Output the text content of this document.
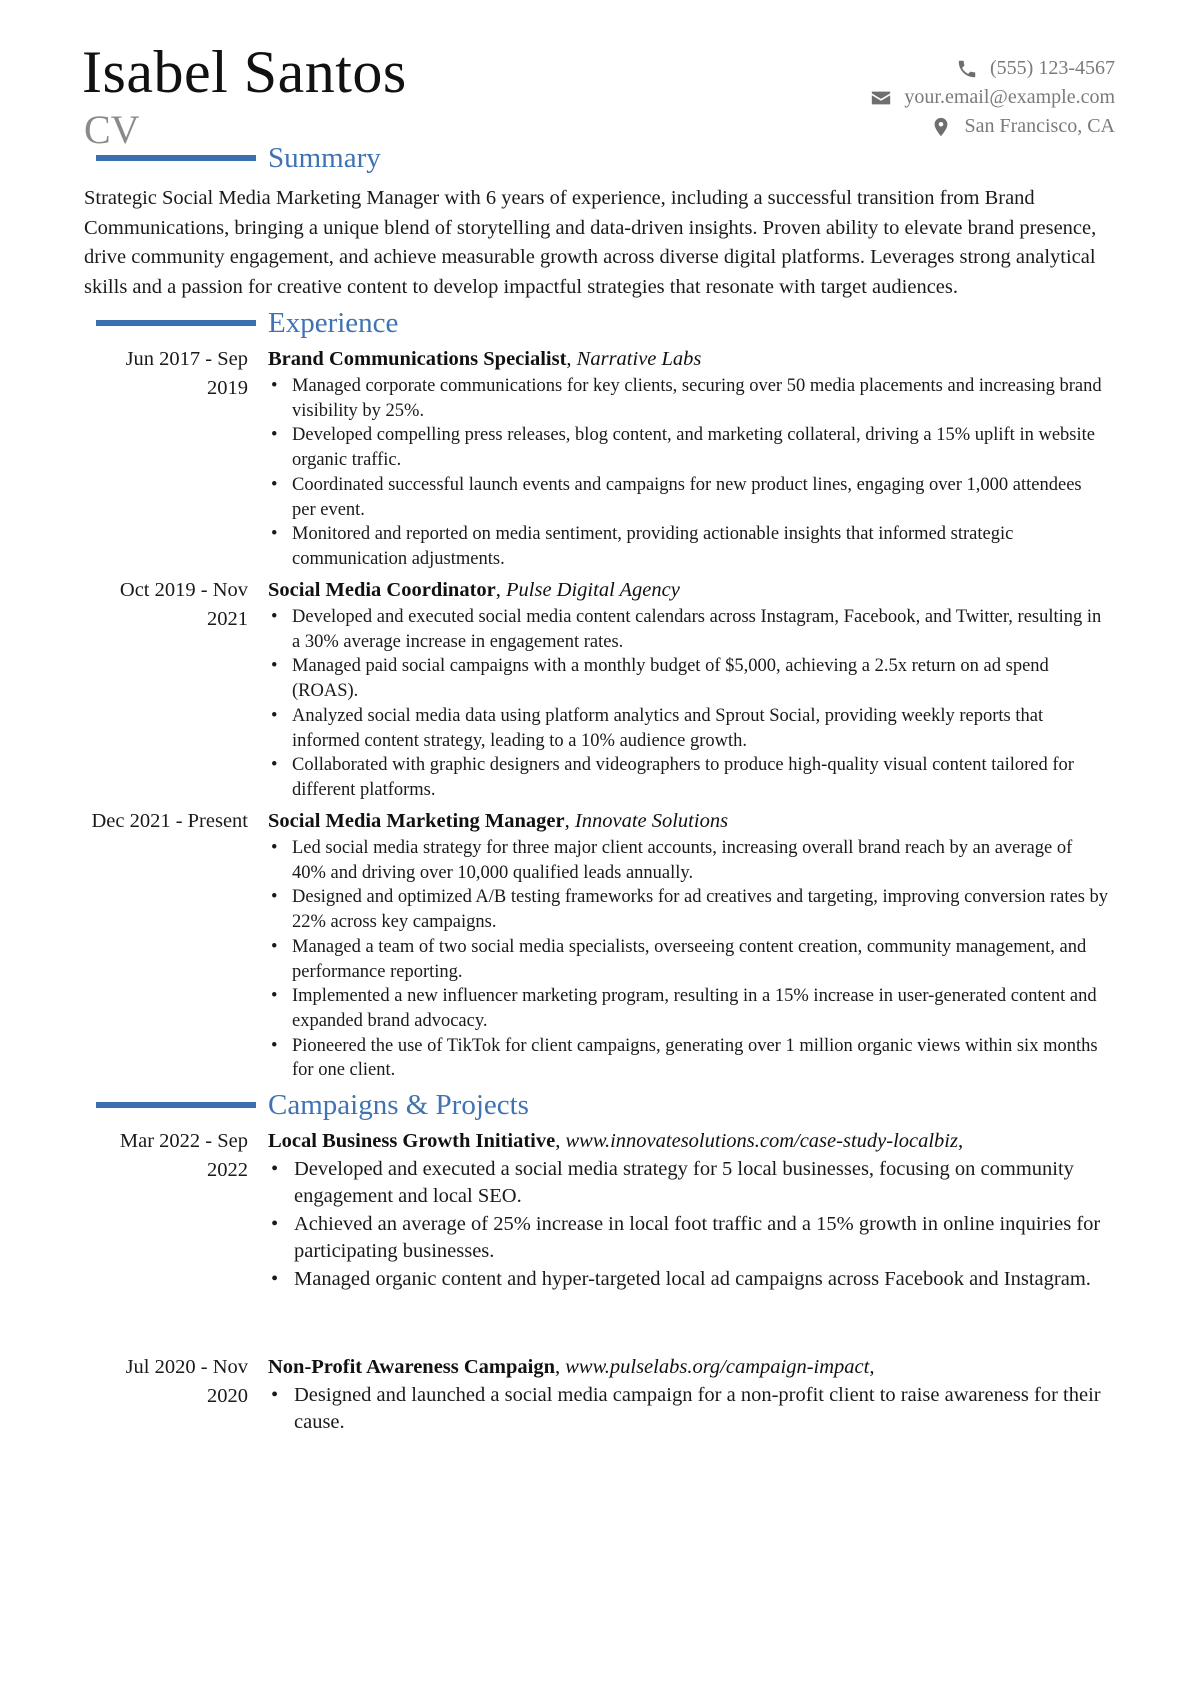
Isabel Santos
CV
(555) 123-4567
your.email@example.com
San Francisco, CA
Summary
Strategic Social Media Marketing Manager with 6 years of experience, including a successful transition from Brand Communications, bringing a unique blend of storytelling and data-driven insights. Proven ability to elevate brand presence, drive community engagement, and achieve measurable growth across diverse digital platforms. Leverages strong analytical skills and a passion for creative content to develop impactful strategies that resonate with target audiences.
Experience
Jun 2017 - Sep 2019
Brand Communications Specialist, Narrative Labs
• Managed corporate communications for key clients, securing over 50 media placements and increasing brand visibility by 25%.
• Developed compelling press releases, blog content, and marketing collateral, driving a 15% uplift in website organic traffic.
• Coordinated successful launch events and campaigns for new product lines, engaging over 1,000 attendees per event.
• Monitored and reported on media sentiment, providing actionable insights that informed strategic communication adjustments.
Oct 2019 - Nov 2021
Social Media Coordinator, Pulse Digital Agency
• Developed and executed social media content calendars across Instagram, Facebook, and Twitter, resulting in a 30% average increase in engagement rates.
• Managed paid social campaigns with a monthly budget of $5,000, achieving a 2.5x return on ad spend (ROAS).
• Analyzed social media data using platform analytics and Sprout Social, providing weekly reports that informed content strategy, leading to a 10% audience growth.
• Collaborated with graphic designers and videographers to produce high-quality visual content tailored for different platforms.
Dec 2021 - Present Social Media Marketing Manager, Innovate Solutions
• Led social media strategy for three major client accounts, increasing overall brand reach by an average of 40% and driving over 10,000 qualified leads annually.
• Designed and optimized A/B testing frameworks for ad creatives and targeting, improving conversion rates by 22% across key campaigns.
• Managed a team of two social media specialists, overseeing content creation, community management, and performance reporting.
• Implemented a new influencer marketing program, resulting in a 15% increase in user-generated content and expanded brand advocacy.
• Pioneered the use of TikTok for client campaigns, generating over 1 million organic views within six months for one client.
Campaigns & Projects
Mar 2022 - Sep 2022
Local Business Growth Initiative, www.innovatesolutions.com/case-study-localbiz,
• Developed and executed a social media strategy for 5 local businesses, focusing on community engagement and local SEO.
• Achieved an average of 25% increase in local foot traffic and a 15% growth in online inquiries for participating businesses.
• Managed organic content and hyper-targeted local ad campaigns across Facebook and Instagram.
Jul 2020 - Nov 2020
Non-Profit Awareness Campaign, www.pulselabs.org/campaign-impact,
• Designed and launched a social media campaign for a non-profit client to raise awareness for their cause.
